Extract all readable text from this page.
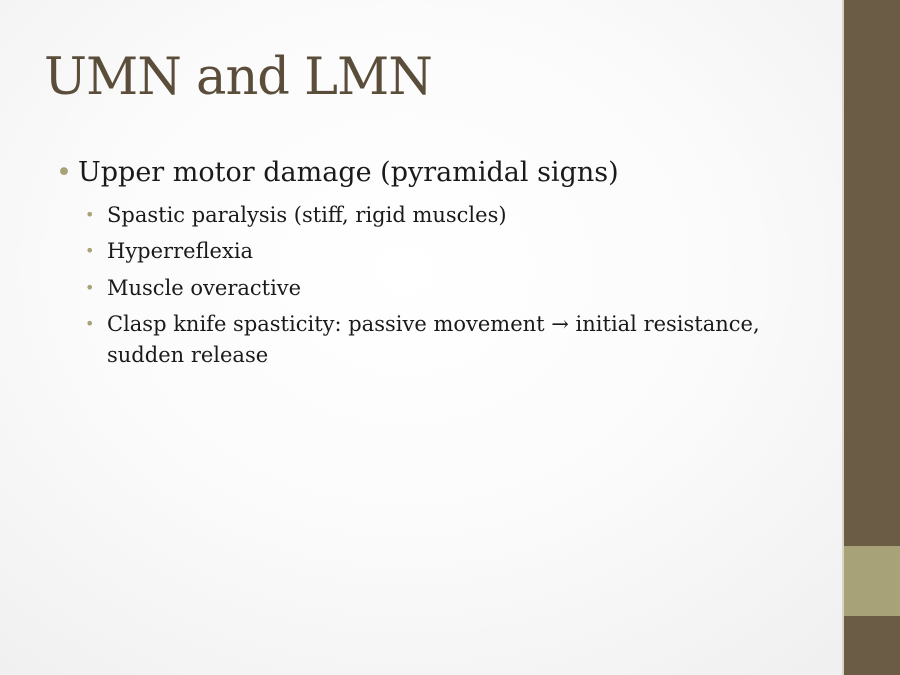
UMN and LMN
• Upper motor damage (pyramidal signs)
• Spastic paralysis (stiff, rigid muscles)
• Hyperreflexia
• Muscle overactive
• Clasp knife spasticity: passive movement → initial resistance, sudden release
